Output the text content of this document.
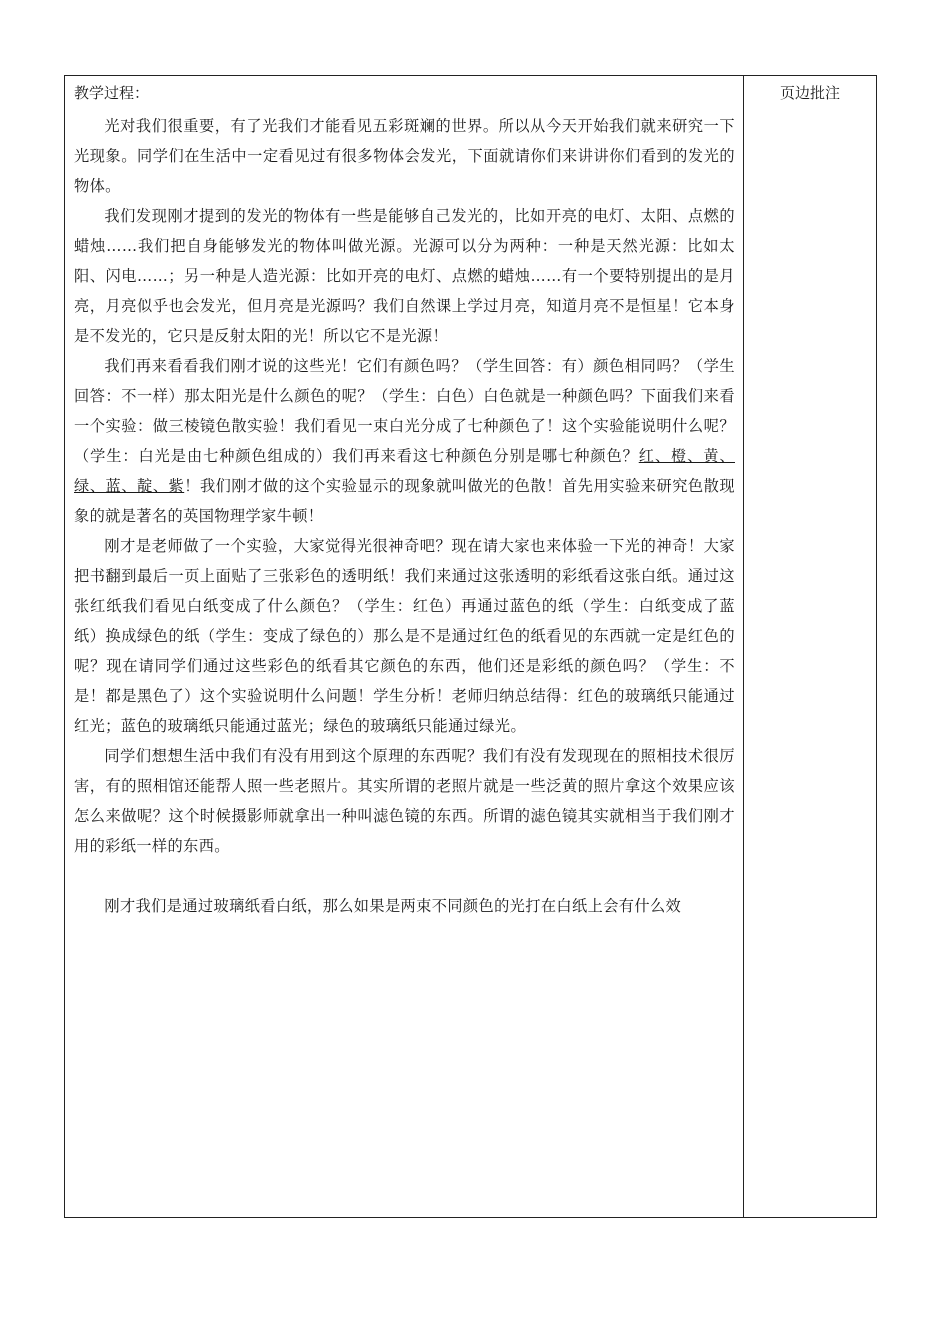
教学过程：

光对我们很重要，有了光我们才能看见五彩斑斓的世界。所以从今天开始我们就来研究一下光现象。同学们在生活中一定看见过有很多物体会发光，下面就请你们来讲讲你们看到的发光的物体。

我们发现刚才提到的发光的物体有一些是能够自己发光的，比如开亮的电灯、太阳、点燃的蜡烛……我们把自身能够发光的物体叫做光源。光源可以分为两种：一种是天然光源：比如太阳、闪电……；另一种是人造光源：比如开亮的电灯、点燃的蜡烛……有一个要特别提出的是月亮，月亮似乎也会发光，但月亮是光源吗？我们自然课上学过月亮，知道月亮不是恒星！它本身是不发光的，它只是反射太阳的光！所以它不是光源！

我们再来看看我们刚才说的这些光！它们有颜色吗？（学生回答：有）颜色相同吗？（学生回答：不一样）那太阳光是什么颜色的呢？（学生：白色）白色就是一种颜色吗？下面我们来看一个实验：做三棱镜色散实验！我们看见一束白光分成了七种颜色了！这个实验能说明什么呢？（学生：白光是由七种颜色组成的）我们再来看这七种颜色分别是哪七种颜色？红、橙、黄、绿、蓝、靛、紫！我们刚才做的这个实验显示的现象就叫做光的色散！首先用实验来研究色散现象的就是著名的英国物理学家牛顿！

刚才是老师做了一个实验，大家觉得光很神奇吧？现在请大家也来体验一下光的神奇！大家把书翻到最后一页上面贴了三张彩色的透明纸！我们来通过这张透明的彩纸看这张白纸。通过这张红纸我们看见白纸变成了什么颜色？（学生：红色）再通过蓝色的纸（学生：白纸变成了蓝纸）换成绿色的纸（学生：变成了绿色的）那么是不是通过红色的纸看见的东西就一定是红色的呢？现在请同学们通过这些彩色的纸看其它颜色的东西，他们还是彩纸的颜色吗？（学生：不是！都是黑色了）这个实验说明什么问题！学生分析！老师归纳总结得：红色的玻璃纸只能通过红光；蓝色的玻璃纸只能通过蓝光；绿色的玻璃纸只能通过绿光。

同学们想想生活中我们有没有用到这个原理的东西呢？我们有没有发现现在的照相技术很厉害，有的照相馆还能帮人照一些老照片。其实所谓的老照片就是一些泛黄的照片拿这个效果应该怎么来做呢？这个时候摄影师就拿出一种叫滤色镜的东西。所谓的滤色镜其实就相当于我们刚才用的彩纸一样的东西。

刚才我们是通过玻璃纸看白纸，那么如果是两束不同颜色的光打在白纸上会有什么效

页边批注
